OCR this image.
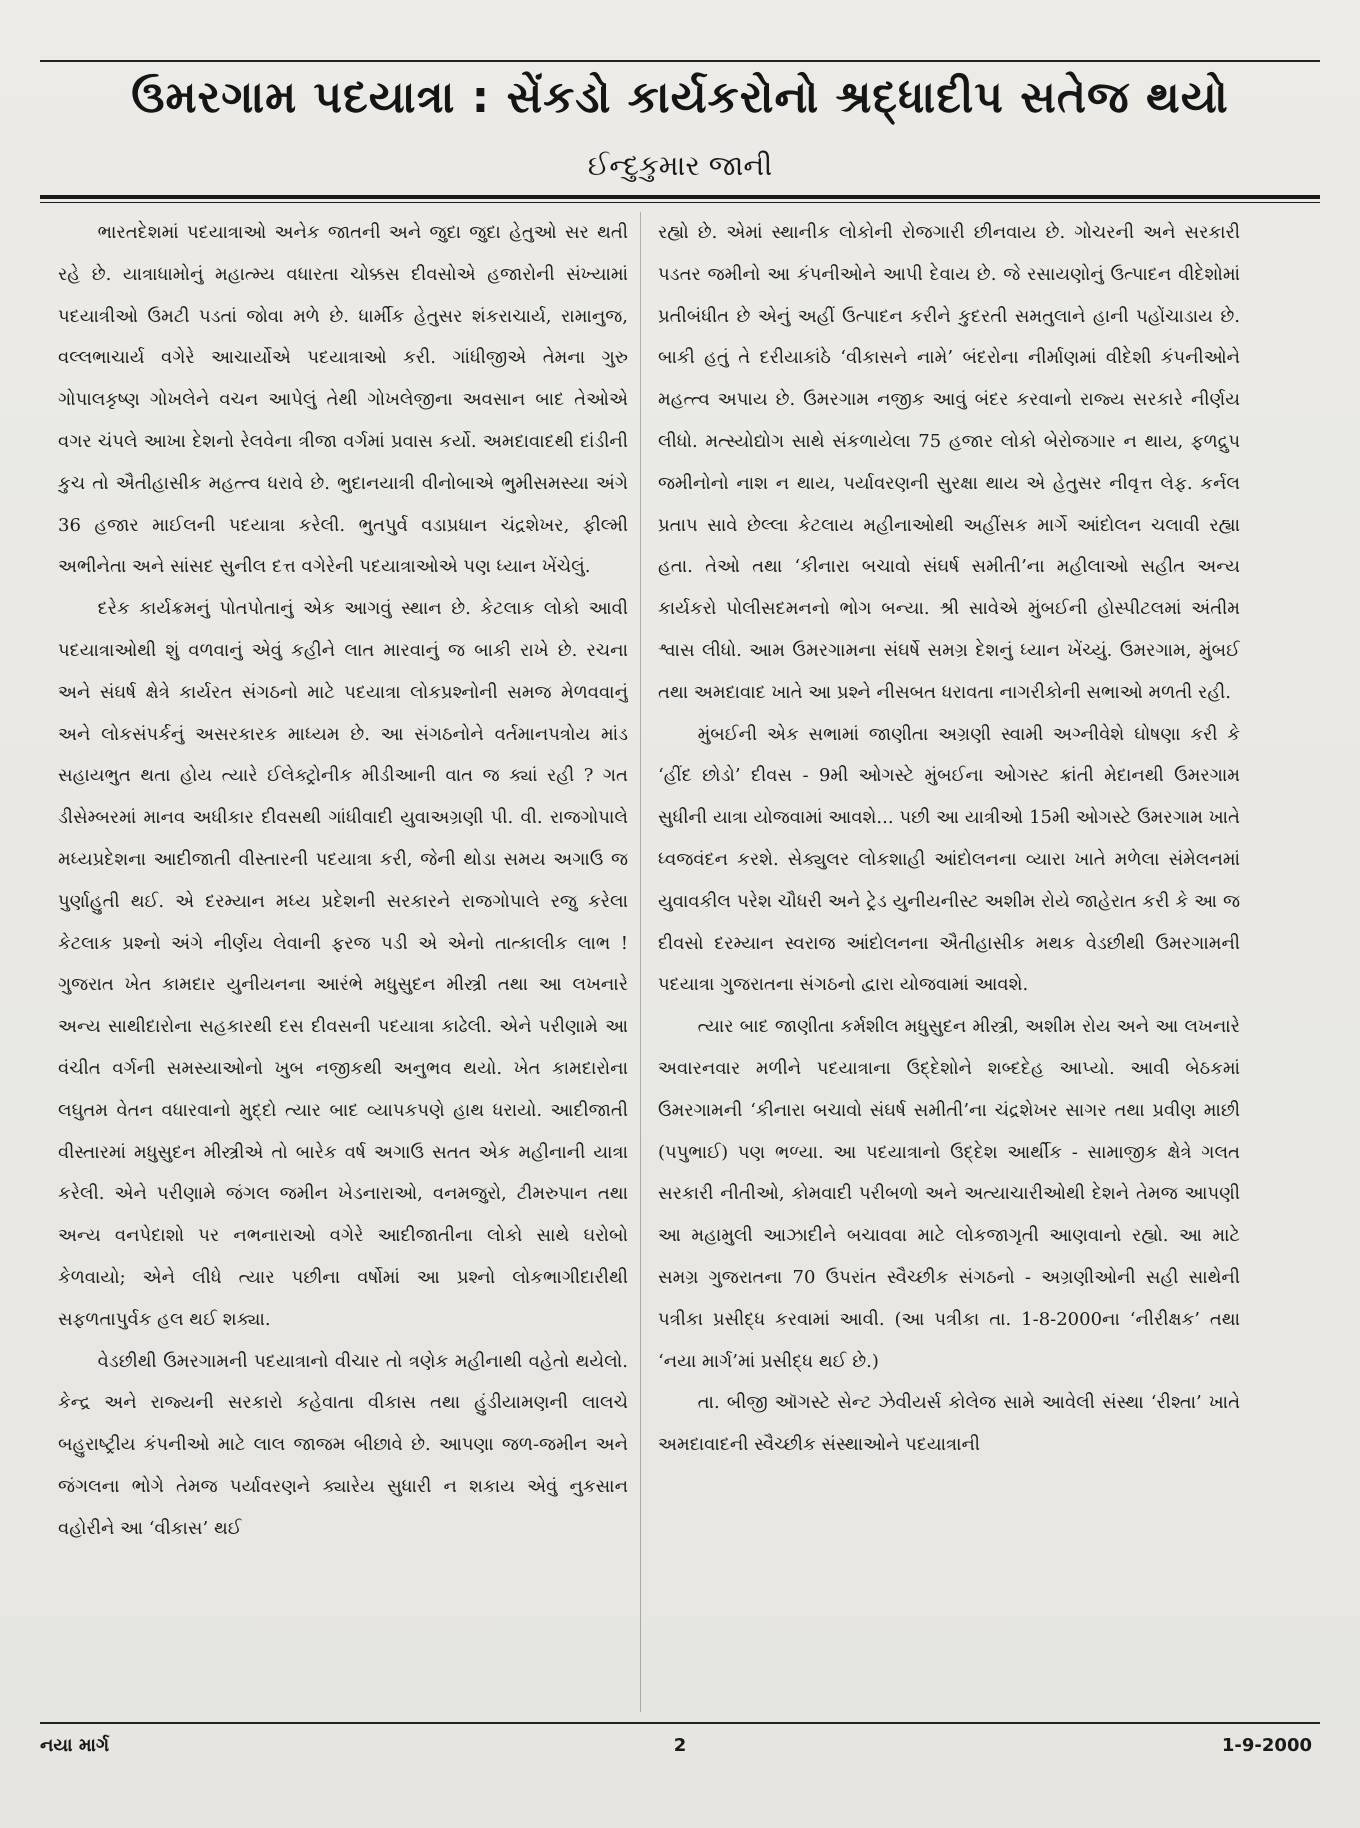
ઉમરગામ પદયાત્રા : સેંકડો કાર્યકરોનો શ્રદ્ધાદીપ સતેજ થયો
ઈન્દુકુમાર જાની

ભારતદેશમાં પદયાત્રાઓ અનેક જાતની અને જુદા જુદા હેતુઓ સર થતી રહે છે. યાત્રાધામોનું મહાત્મ્ય વધારતા ચોક્કસ દીવસોએ હજારોની સંખ્યામાં પદયાત્રીઓ ઉમટી પડતાં જોવા મળે છે. ધાર્મીક હેતુસર શંકરાચાર્ય, રામાનુજ, વલ્લભાચાર્ય વગેરે આચાર્યોએ પદયાત્રાઓ કરી. ગાંધીજીએ તેમના ગુરુ ગોપાલકૃષ્ણ ગોખલેને વચન આપેલું તેથી ગોખલેજીના અવસાન બાદ તેઓએ વગર ચંપલે આખા દેશનો રેલવેના ત્રીજા વર્ગમાં પ્રવાસ કર્યો. અમદાવાદથી દાંડીની કુચ તો ઐતીહાસીક મહત્ત્વ ધરાવે છે. ભુદાનયાત્રી વીનોબાએ ભુમીસમસ્યા અંગે 36 હજાર માઈલની પદયાત્રા કરેલી. ભુતપુર્વ વડાપ્રધાન ચંદ્રશેખર, ફીલ્મી અભીનેતા અને સાંસદ સુનીલ દત્ત વગેરેની પદયાત્રાઓએ પણ ધ્યાન ખેંચેલું.

દરેક કાર્યક્રમનું પોતપોતાનું એક આગવું સ્થાન છે. કેટલાક લોકો આવી પદયાત્રાઓથી શું વળવાનું એવું કહીને લાત મારવાનું જ બાકી રાખે છે. રચના અને સંઘર્ષ ક્ષેત્રે કાર્યરત સંગઠનો માટે પદયાત્રા લોકપ્રશ્નોની સમજ મેળવવાનું અને લોકસંપર્કનું અસરકારક માધ્યમ છે. આ સંગઠનોને વર્તમાનપત્રોય માંડ સહાયભુત થતા હોય ત્યારે ઈલેક્ટ્રોનીક મીડીઆની વાત જ ક્યાં રહી ? ગત ડીસેમ્બરમાં માનવ અધીકાર દીવસથી ગાંધીવાદી યુવાઅગ્રણી પી. વી. રાજગોપાલે મધ્યપ્રદેશના આદીજાતી વીસ્તારની પદયાત્રા કરી, જેની થોડા સમય અગાઉ જ પુર્ણાહુતી થઈ. એ દરમ્યાન મધ્ય પ્રદેશની સરકારને રાજગોપાલે રજુ કરેલા કેટલાક પ્રશ્નો અંગે નીર્ણય લેવાની ફરજ પડી એ એનો તાત્કાલીક લાભ ! ગુજરાત ખેત કામદાર યુનીયનના આરંભે મધુસુદન મીસ્ત્રી તથા આ લખનારે અન્ય સાથીદારોના સહકારથી દસ દીવસની પદયાત્રા કાઢેલી. એને પરીણામે આ વંચીત વર્ગની સમસ્યાઓનો ખુબ નજીકથી અનુભવ થયો. ખેત કામદારોના લઘુતમ વેતન વધારવાનો મુદ્દો ત્યાર બાદ વ્યાપકપણે હાથ ધરાયો. આદીજાતી વીસ્તારમાં મધુસુદન મીસ્ત્રીએ તો બારેક વર્ષ અગાઉ સતત એક મહીનાની યાત્રા કરેલી. એને પરીણામે જંગલ જમીન ખેડનારાઓ, વનમજુરો, ટીમરુપાન તથા અન્ય વનપેદાશો પર નભનારાઓ વગેરે આદીજાતીના લોકો સાથે ઘરોબો કેળવાયો; એને લીધે ત્યાર પછીના વર્ષોમાં આ પ્રશ્નો લોકભાગીદારીથી સફળતાપુર્વક હલ થઈ શક્યા.

વેડછીથી ઉમરગામની પદયાત્રાનો વીચાર તો ત્રણેક મહીનાથી વહેતો થયેલો. કેન્દ્ર અને રાજ્યની સરકારો કહેવાતા વીકાસ તથા હુંડીયામણની લાલચે બહુરાષ્ટ્રીય કંપનીઓ માટે લાલ જાજમ બીછાવે છે. આપણા જળ-જમીન અને જંગલના ભોગે તેમજ પર્યાવરણને ક્યારેય સુધારી ન શકાય એવું નુકસાન વહોરીને આ ‘વીકાસ’ થઈ

રહ્યો છે. એમાં સ્થાનીક લોકોની રોજગારી છીનવાય છે. ગોચરની અને સરકારી પડતર જમીનો આ કંપનીઓને આપી દેવાય છે. જે રસાયણોનું ઉત્પાદન વીદેશોમાં પ્રતીબંધીત છે એનું અહીં ઉત્પાદન કરીને કુદરતી સમતુલાને હાની પહોંચાડાય છે. બાકી હતું તે દરીયાકાંઠે ‘વીકાસને નામે’ બંદરોના નીર્માણમાં વીદેશી કંપનીઓને મહત્ત્વ અપાય છે. ઉમરગામ નજીક આવું બંદર કરવાનો રાજ્ય સરકારે નીર્ણય લીધો. મત્સ્યોદ્યોગ સાથે સંકળાયેલા 75 હજાર લોકો બેરોજગાર ન થાય, ફળદ્રુપ જમીનોનો નાશ ન થાય, પર્યાવરણની સુરક્ષા થાય એ હેતુસર નીવૃત્ત લેફ. કર્નલ પ્રતાપ સાવે છેલ્લા કેટલાય મહીનાઓથી અહીંસક માર્ગે આંદોલન ચલાવી રહ્યા હતા. તેઓ તથા ‘કીનારા બચાવો સંઘર્ષ સમીતી’ના મહીલાઓ સહીત અન્ય કાર્યકરો પોલીસદમનનો ભોગ બન્યા. શ્રી સાવેએ મુંબઈની હોસ્પીટલમાં અંતીમ શ્વાસ લીધો. આમ ઉમરગામના સંઘર્ષે સમગ્ર દેશનું ધ્યાન ખેંચ્યું. ઉમરગામ, મુંબઈ તથા અમદાવાદ ખાતે આ પ્રશ્ને નીસબત ધરાવતા નાગરીકોની સભાઓ મળતી રહી.

મુંબઈની એક સભામાં જાણીતા અગ્રણી સ્વામી અગ્નીવેશે ઘોષણા કરી કે ‘હીંદ છોડો’ દીવસ - 9મી ઓગસ્ટે મુંબઈના ઓગસ્ટ ક્રાંતી મેદાનથી ઉમરગામ સુધીની યાત્રા યોજવામાં આવશે... પછી આ યાત્રીઓ 15મી ઓગસ્ટે ઉમરગામ ખાતે ધ્વજવંદન કરશે. સેક્યુલર લોકશાહી આંદોલનના વ્યારા ખાતે મળેલા સંમેલનમાં યુવાવકીલ પરેશ ચૌધરી અને ટ્રેડ યુનીયનીસ્ટ અશીમ રોયે જાહેરાત કરી કે આ જ દીવસો દરમ્યાન સ્વરાજ આંદોલનના ઐતીહાસીક મથક વેડછીથી ઉમરગામની પદયાત્રા ગુજરાતના સંગઠનો દ્વારા યોજવામાં આવશે.

ત્યાર બાદ જાણીતા કર્મશીલ મધુસુદન મીસ્ત્રી, અશીમ રોય અને આ લખનારે અવારનવાર મળીને પદયાત્રાના ઉદ્દેશોને શબ્દદેહ આપ્યો. આવી બેઠકમાં ઉમરગામની ‘કીનારા બચાવો સંઘર્ષ સમીતી’ના ચંદ્રશેખર સાગર તથા પ્રવીણ માછી (પપુભાઈ) પણ ભળ્યા. આ પદયાત્રાનો ઉદ્દેશ આર્થીક - સામાજીક ક્ષેત્રે ગલત સરકારી નીતીઓ, કોમવાદી પરીબળો અને અત્યાચારીઓથી દેશને તેમજ આપણી આ મહામુલી આઝાદીને બચાવવા માટે લોકજાગૃતી આણવાનો રહ્યો. આ માટે સમગ્ર ગુજરાતના 70 ઉપરાંત સ્વૈચ્છીક સંગઠનો - અગ્રણીઓની સહી સાથેની પત્રીકા પ્રસીદ્ધ કરવામાં આવી. (આ પત્રીકા તા. 1-8-2000ના ‘નીરીક્ષક’ તથા ‘નયા માર્ગ’માં પ્રસીદ્ધ થઈ છે.)

તા. બીજી ઑગસ્ટે સેન્ટ ઝેવીયર્સ કોલેજ સામે આવેલી સંસ્થા ‘રીશ્તા’ ખાતે અમદાવાદની સ્વૈચ્છીક સંસ્થાઓને પદયાત્રાની

નયા માર્ગ	2	1-9-2000
